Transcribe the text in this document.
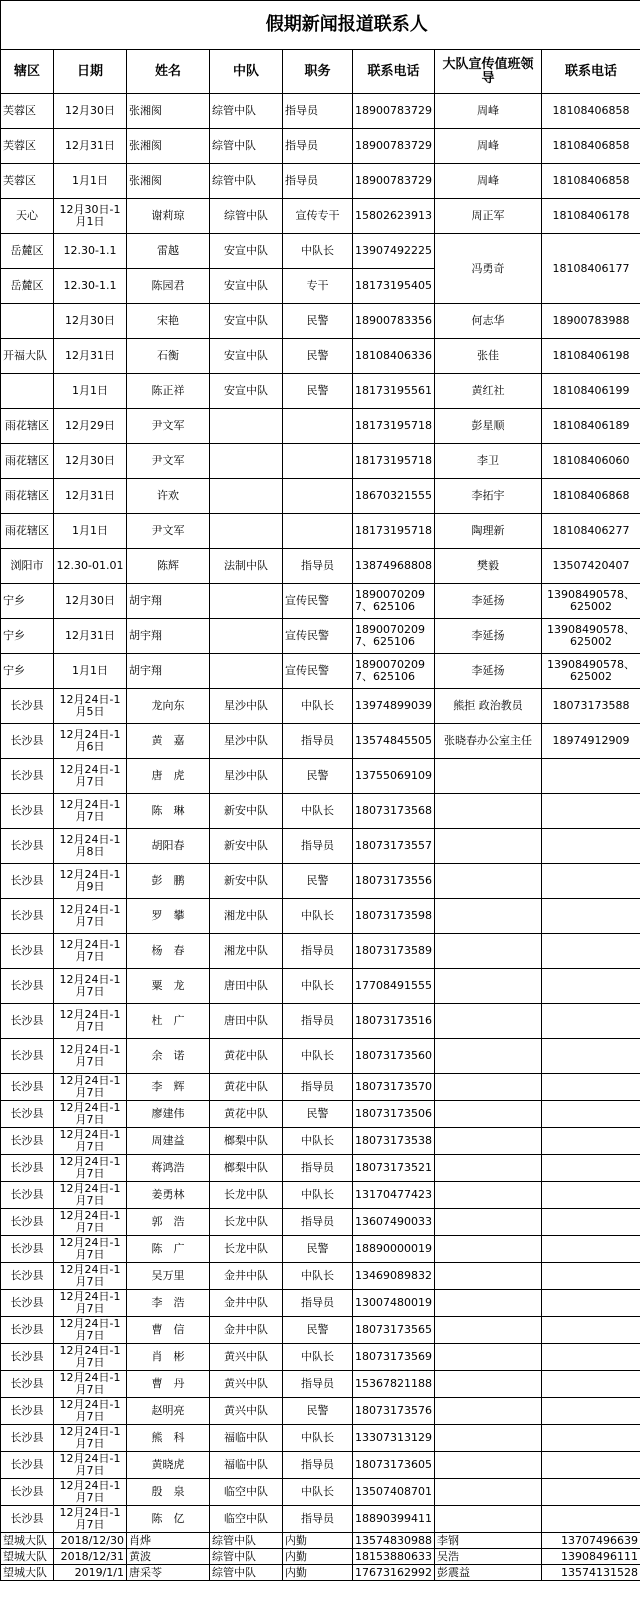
	假期新闻报道联系人						
辖区	日期	姓名	中队	职务	联系电话	大队宣传值班领导	联系电话
芙蓉区	12月30日	张湘阂	综管中队	指导员	18900783729	周峰	18108406858
芙蓉区	12月31日	张湘阂	综管中队	指导员	18900783729	周峰	18108406858
芙蓉区	1月1日	张湘阂	综管中队	指导员	18900783729	周峰	18108406858
天心	12月30日-1月1日	谢莉琼	综管中队	宣传专干	15802623913	周正军	18108406178
岳麓区	12.30-1.1	雷越	安宣中队	中队长	13907492225	冯勇奇	18108406177
岳麓区	12.30-1.1	陈园君	安宣中队	专干	18173195405		
	12月30日	宋艳	安宣中队	民警	18900783356	何志华	18900783988
开福大队	12月31日	石衡	安宣中队	民警	18108406336	张佳	18108406198
	1月1日	陈正祥	安宣中队	民警	18173195561	黄红社	18108406199
雨花辖区	12月29日	尹文军			18173195718	彭星顺	18108406189
雨花辖区	12月30日	尹文军			18173195718	李卫	18108406060
雨花辖区	12月31日	许欢			18670321555	李拓宇	18108406868
雨花辖区	1月1日	尹文军			18173195718	陶理新	18108406277
浏阳市	12.30-01.01	陈辉	法制中队	指导员	13874968808	樊毅	13507420407
宁乡	12月30日	胡宇翔		宣传民警	18900702097、625106	李延扬	13908490578、625002
宁乡	12月31日	胡宇翔		宣传民警	18900702097、625106	李延扬	13908490578、625002
宁乡	1月1日	胡宇翔		宣传民警	18900702097、625106	李延扬	13908490578、625002
长沙县	12月24日-1月5日	龙向东	星沙中队	中队长	13974899039	熊拒 政治教员	18073173588
长沙县	12月24日-1月6日	黄　嘉	星沙中队	指导员	13574845505	张晓春办公室主任	18974912909
长沙县	12月24日-1月7日	唐　虎	星沙中队	民警	13755069109		
长沙县	12月24日-1月7日	陈　琳	新安中队	中队长	18073173568		
长沙县	12月24日-1月8日	胡阳春	新安中队	指导员	18073173557		
长沙县	12月24日-1月9日	彭　鹏	新安中队	民警	18073173556		
长沙县	12月24日-1月7日	罗　攀	湘龙中队	中队长	18073173598		
长沙县	12月24日-1月7日	杨　春	湘龙中队	指导员	18073173589		
长沙县	12月24日-1月7日	粟　龙	唐田中队	中队长	17708491555		
长沙县	12月24日-1月7日	杜　广	唐田中队	指导员	18073173516		
长沙县	12月24日-1月7日	余　诺	黄花中队	中队长	18073173560		
长沙县	12月24日-1月7日	李　辉	黄花中队	指导员	18073173570		
长沙县	12月24日-1月7日	廖建伟	黄花中队	民警	18073173506		
长沙县	12月24日-1月7日	周建益	榔梨中队	中队长	18073173538		
长沙县	12月24日-1月7日	蒋鸿浩	榔梨中队	指导员	18073173521		
长沙县	12月24日-1月7日	姜勇林	长龙中队	中队长	13170477423		
长沙县	12月24日-1月7日	郭　浩	长龙中队	指导员	13607490033		
长沙县	12月24日-1月7日	陈　广	长龙中队	民警	18890000019		
长沙县	12月24日-1月7日	吴万里	金井中队	中队长	13469089832		
长沙县	12月24日-1月7日	李　浩	金井中队	指导员	13007480019		
长沙县	12月24日-1月7日	曹　信	金井中队	民警	18073173565		
长沙县	12月24日-1月7日	肖　彬	黄兴中队	中队长	18073173569		
长沙县	12月24日-1月7日	曹　丹	黄兴中队	指导员	15367821188		
长沙县	12月24日-1月7日	赵明亮	黄兴中队	民警	18073173576		
长沙县	12月24日-1月7日	熊　科	福临中队	中队长	13307313129		
长沙县	12月24日-1月7日	黄晓虎	福临中队	指导员	18073173605		
长沙县	12月24日-1月7日	殷　泉	临空中队	中队长	13507408701		
长沙县	12月24日-1月7日	陈　亿	临空中队	指导员	18890399411		
望城大队	2018/12/30	肖烨	综管中队	内勤	13574830988	李钢	13707496639
望城大队	2018/12/31	黄波	综管中队	内勤	18153880633	吴浩	13908496111
望城大队	2019/1/1	唐采苓	综管中队	内勤	17673162992	彭震益	13574131528
